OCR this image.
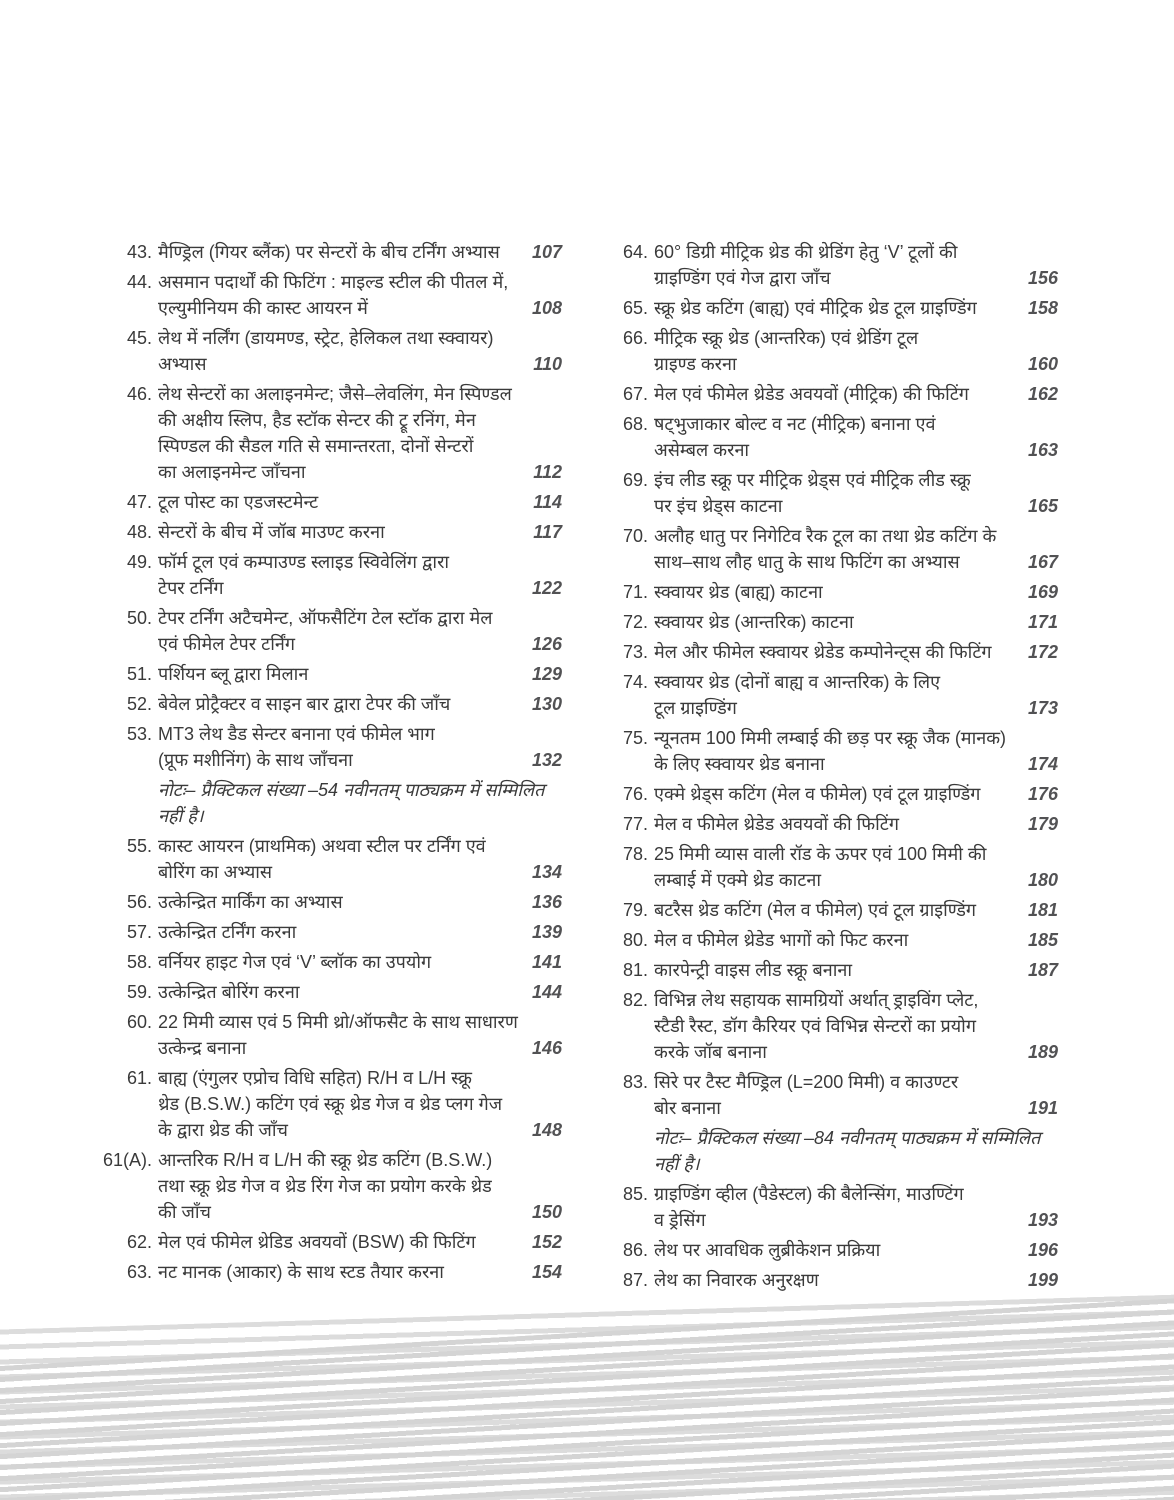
43. मैण्ड्रिल (गियर ब्लैंक) पर सेन्टरों के बीच टर्निंग अभ्यास	107
44. असमान पदार्थों की फिटिंग : माइल्ड स्टील की पीतल में,
एल्युमीनियम की कास्ट आयरन में	108
45. लेथ में नर्लिंग (डायमण्ड, स्ट्रेट, हेलिकल तथा स्क्वायर)
अभ्यास	110
46. लेथ सेन्टरों का अलाइनमेन्ट; जैसे–लेवलिंग, मेन स्पिण्डल
की अक्षीय स्लिप, हैड स्टॉक सेन्टर की ट्रू रनिंग, मेन
स्पिण्डल की सैडल गति से समान्तरता, दोनों सेन्टरों
का अलाइनमेन्ट जाँचना	112
47. टूल पोस्ट का एडजस्टमेन्ट	114
48. सेन्टरों के बीच में जॉब माउण्ट करना	117
49. फॉर्म टूल एवं कम्पाउण्ड स्लाइड स्विवेलिंग द्वारा
टेपर टर्निंग	122
50. टेपर टर्निंग अटैचमेन्ट, ऑफसैटिंग टेल स्टॉक द्वारा मेल
एवं फीमेल टेपर टर्निंग	126
51. पर्शियन ब्लू द्वारा मिलान	129
52. बेवेल प्रोट्रैक्टर व साइन बार द्वारा टेपर की जाँच	130
53. MT3 लेथ डैड सेन्टर बनाना एवं फीमेल भाग
(प्रूफ मशीनिंग) के साथ जाँचना	132
नोटः– प्रैक्टिकल संख्या –54 नवीनतम् पाठ्यक्रम में सम्मिलित
नहीं है।
55. कास्ट आयरन (प्राथमिक) अथवा स्टील पर टर्निंग एवं
बोरिंग का अभ्यास	134
56. उत्केन्द्रित मार्किंग का अभ्यास	136
57. उत्केन्द्रित टर्निंग करना	139
58. वर्नियर हाइट गेज एवं ‘V’ ब्लॉक का उपयोग	141
59. उत्केन्द्रित बोरिंग करना	144
60. 22 मिमी व्यास एवं 5 मिमी थ्रो/ऑफसैट के साथ साधारण
उत्केन्द्र बनाना	146
61. बाह्य (एंगुलर एप्रोच विधि सहित) R/H व L/H स्क्रू
थ्रेड (B.S.W.) कटिंग एवं स्क्रू थ्रेड गेज व थ्रेड प्लग गेज
के द्वारा थ्रेड की जाँच	148
61(A). आन्तरिक R/H व L/H की स्क्रू थ्रेड कटिंग (B.S.W.)
तथा स्क्रू थ्रेड गेज व थ्रेड रिंग गेज का प्रयोग करके थ्रेड
की जाँच	150
62. मेल एवं फीमेल थ्रेडिड अवयवों (BSW) की फिटिंग	152
63. नट मानक (आकार) के साथ स्टड तैयार करना	154
64. 60° डिग्री मीट्रिक थ्रेड की थ्रेडिंग हेतु ‘V’ टूलों की
ग्राइण्डिंग एवं गेज द्वारा जाँच	156
65. स्क्रू थ्रेड कटिंग (बाह्य) एवं मीट्रिक थ्रेड टूल ग्राइण्डिंग	158
66. मीट्रिक स्क्रू थ्रेड (आन्तरिक) एवं थ्रेडिंग टूल
ग्राइण्ड करना	160
67. मेल एवं फीमेल थ्रेडेड अवयवों (मीट्रिक) की फिटिंग	162
68. षट्भुजाकार बोल्ट व नट (मीट्रिक) बनाना एवं
असेम्बल करना	163
69. इंच लीड स्क्रू पर मीट्रिक थ्रेड्स एवं मीट्रिक लीड स्क्रू
पर इंच थ्रेड्स काटना	165
70. अलौह धातु पर निगेटिव रैक टूल का तथा थ्रेड कटिंग के
साथ–साथ लौह धातु के साथ फिटिंग का अभ्यास	167
71. स्क्वायर थ्रेड (बाह्य) काटना	169
72. स्क्वायर थ्रेड (आन्तरिक) काटना	171
73. मेल और फीमेल स्क्वायर थ्रेडेड कम्पोनेन्ट्स की फिटिंग	172
74. स्क्वायर थ्रेड (दोनों बाह्य व आन्तरिक) के लिए
टूल ग्राइण्डिंग	173
75. न्यूनतम 100 मिमी लम्बाई की छड़ पर स्क्रू जैक (मानक)
के लिए स्क्वायर थ्रेड बनाना	174
76. एक्मे थ्रेड्स कटिंग (मेल व फीमेल) एवं टूल ग्राइण्डिंग	176
77. मेल व फीमेल थ्रेडेड अवयवों की फिटिंग	179
78. 25 मिमी व्यास वाली रॉड के ऊपर एवं 100 मिमी की
लम्बाई में एक्मे थ्रेड काटना	180
79. बटरैस थ्रेड कटिंग (मेल व फीमेल) एवं टूल ग्राइण्डिंग	181
80. मेल व फीमेल थ्रेडेड भागों को फिट करना	185
81. कारपेन्ट्री वाइस लीड स्क्रू बनाना	187
82. विभिन्न लेथ सहायक सामग्रियों अर्थात् ड्राइविंग प्लेट,
स्टैडी रैस्ट, डॉग कैरियर एवं विभिन्न सेन्टरों का प्रयोग
करके जॉब बनाना	189
83. सिरे पर टैस्ट मैण्ड्रिल (L=200 मिमी) व काउण्टर
बोर बनाना	191
नोटः– प्रैक्टिकल संख्या –84 नवीनतम् पाठ्यक्रम में सम्मिलित
नहीं है।
85. ग्राइण्डिंग व्हील (पैडेस्टल) की बैलेन्सिंग, माउण्टिंग
व ड्रेसिंग	193
86. लेथ पर आवधिक लुब्रीकेशन प्रक्रिया	196
87. लेथ का निवारक अनुरक्षण	199
